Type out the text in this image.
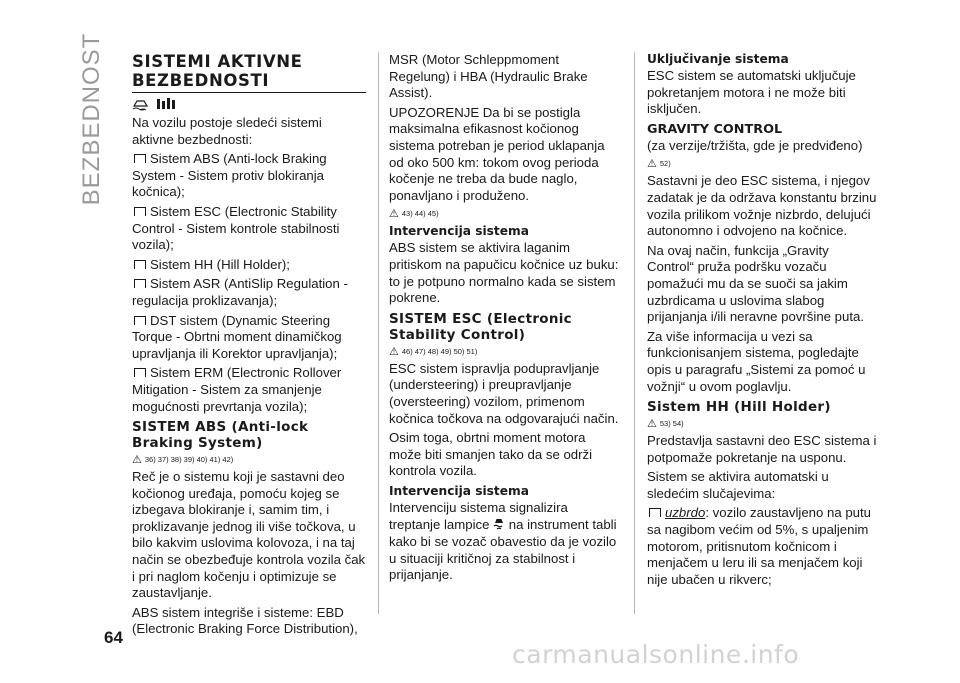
BEZBEDNOST SISTEMI AKTIVNE
BEZBEDNOSTI

Na vozilu postoje sledeći sistemi aktivne bezbednosti:

Sistem ABS (Anti-lock Braking System - Sistem protiv blokiranja kočnica);

Sistem ESC (Electronic Stability Control - Sistem kontrole stabilnosti vozila);

Sistem HH (Hill Holder);

Sistem ASR (AntiSlip Regulation - regulacija proklizavanja);

DST sistem (Dynamic Steering Torque - Obrtni moment dinamičkog upravljanja ili Korektor upravljanja);

Sistem ERM (Electronic Rollover Mitigation - Sistem za smanjenje mogućnosti prevrtanja vozila);

SISTEM ABS (Anti-lock Braking System)
⚠ 36) 37) 38) 39) 40) 41) 42)

Reč je o sistemu koji je sastavni deo kočionog uređaja, pomoću kojeg se izbegava blokiranje i, samim tim, i proklizavanje jednog ili više točkova, u bilo kakvim uslovima kolovoza, i na taj način se obezbeđuje kontrola vozila čak i pri naglom kočenju i optimizuje se zaustavljanje.

ABS sistem integriše i sisteme: EBD (Electronic Braking Force Distribution),

MSR (Motor Schleppmoment Regelung) i HBA (Hydraulic Brake Assist).

UPOZORENJE Da bi se postigla maksimalna efikasnost kočionog sistema potreban je period uklapanja od oko 500 km: tokom ovog perioda kočenje ne treba da bude naglo, ponavljano i produženo.

⚠ 43) 44) 45)
Intervencija sistema

ABS sistem se aktivira laganim pritiskom na papučicu kočnice uz buku: to je potpuno normalno kada se sistem pokrene.

SISTEM ESC (Electronic Stability Control)
⚠ 46) 47) 48) 49) 50) 51)

ESC sistem ispravlja podupravljanje (understeering) i preupravljanje (oversteering) vozilom, primenom kočnica točkova na odgovarajući način.

Osim toga, obrtni moment motora može biti smanjen tako da se održi kontrola vozila.

Intervencija sistema

Intervenciju sistema signalizira treptanje lampice na instrument tabli kako bi se vozač obavestio da je vozilo u situaciji kritičnoj za stabilnost i prijanjanje.

Uključivanje sistema

ESC sistem se automatski uključuje pokretanjem motora i ne može biti isključen.

GRAVITY CONTROL

(za verzije/tržišta, gde je predviđeno)

⚠ 52)

Sastavni je deo ESC sistema, i njegov zadatak je da održava konstantu brzinu vozila prilikom vožnje nizbrdo, delujući autonomno i odvojeno na kočnice.

Na ovaj način, funkcija „Gravity Control“ pruža podršku vozaču pomažući mu da se suoči sa jakim uzbrdicama u uslovima slabog prijanjanja i/ili neravne površine puta.

Za više informacija u vezi sa funkcionisanjem sistema, pogledajte opis u paragrafu „Sistemi za pomoć u vožnji“ u ovom poglavlju.

Sistem HH (Hill Holder)
⚠ 53) 54)

Predstavlja sastavni deo ESC sistema i potpomaže pokretanje na usponu.

Sistem se aktivira automatski u sledećim slučajevima:

uzbrdo: vozilo zaustavljeno na putu sa nagibom većim od 5%, s upaljenim motorom, pritisnutom kočnicom i menjačem u leru ili sa menjačem koji nije ubačen u rikverc;

64
carmanualsonline.info
